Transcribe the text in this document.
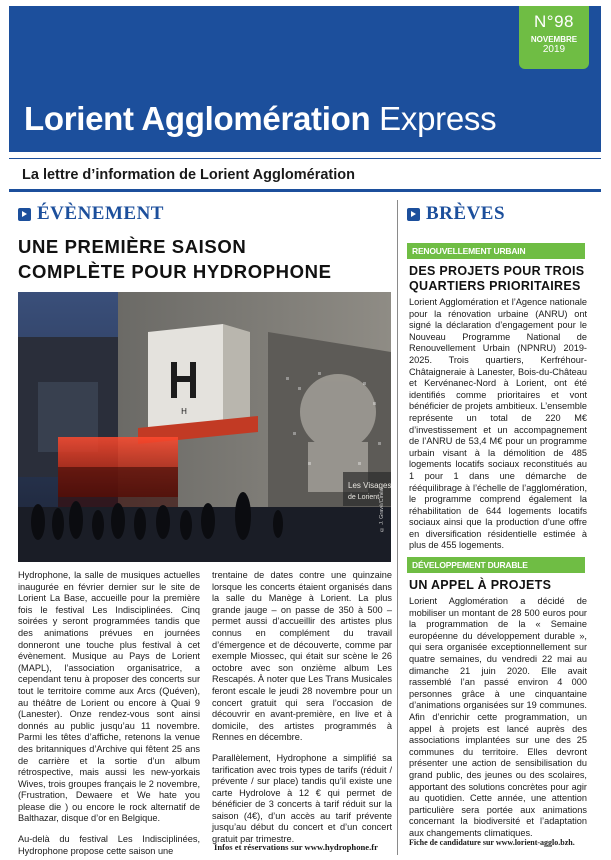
N°98
NOVEMBRE
2019
Lorient Agglomération Express
La lettre d’information de Lorient Agglomération
ÉVÈNEMENT
UNE PREMIÈRE SAISON
COMPLÈTE POUR HYDROPHONE
H
Les Visages
de Lorient © J. Gravé/Cinéa

Hydrophone, la salle de musiques actuelles inaugurée en février dernier sur le site de Lorient La Base, accueille pour la première fois le festival Les Indisciplinées. Cinq soirées y seront programmées tandis que des animations prévues en journées donneront une touche plus festival à cet évènement. Musique au Pays de Lorient (MAPL), l’association organisatrice, a cependant tenu à proposer des concerts sur tout le territoire comme aux Arcs (Quéven), au théâtre de Lorient ou encore à Quai 9 (Lanester). Onze rendez-vous sont ainsi donnés au public jusqu’au 11 novembre. Parmi les têtes d’affiche, retenons la venue des britanniques d’Archive qui fêtent 25 ans de carrière et la sortie d’un album rétrospective, mais aussi les new-yorkais Wives, trois groupes français le 2 novembre, (Frustration, Dewaere et We hate you please die ) ou encore le rock alternatif de Balthazar, disque d’or en Belgique.

Au-delà du festival Les Indisciplinées, Hydrophone propose cette saison une

trentaine de dates contre une quinzaine lorsque les concerts étaient organisés dans la salle du Manège à Lorient. La plus grande jauge – on passe de 350 à 500 – permet aussi d’accueillir des artistes plus connus en complément du travail d’émergence et de découverte, comme par exemple Miossec, qui était sur scène le 26 octobre avec son onzième album Les Rescapés. À noter que Les Trans Musicales feront escale le jeudi 28 novembre pour un concert gratuit qui sera l’occasion de découvrir en avant-première, en live et à domicile, des artistes programmés à Rennes en décembre.

Parallèlement, Hydrophone a simplifié sa tarification avec trois types de tarifs (réduit / prévente / sur place) tandis qu’il existe une carte Hydrolove à 12 € qui permet de bénéficier de 3 concerts à tarif réduit sur la saison (4€), d’un accès au tarif prévente jusqu’au début du concert et d’un concert gratuit par trimestre.

Infos et réservations sur www.hydrophone.fr
BRÈVES
RENOUVELLEMENT URBAIN
DES PROJETS POUR TROIS
QUARTIERS PRIORITAIRES
Lorient Agglomération et l’Agence nationale pour la rénovation urbaine (ANRU) ont signé la déclaration d’engagement pour le Nouveau Programme National de Renouvellement Urbain (NPNRU) 2019-2025. Trois quartiers, Kerfréhour-Châtaigneraie à Lanester, Bois-du-Château et Kervénanec-Nord à Lorient, ont été identifiés comme prioritaires et vont bénéficier de projets ambitieux. L’ensemble représente un total de 220 M€ d’investissement et un accompagnement de l’ANRU de 53,4 M€ pour un programme urbain visant à la démolition de 485 logements locatifs sociaux reconstitués au 1 pour 1 dans une démarche de rééquilibrage à l’échelle de l’agglomération, le programme comprend également la réhabilitation de 644 logements locatifs sociaux ainsi que la production d’une offre en diversification résidentielle estimée à plus de 455 logements.
DÉVELOPPEMENT DURABLE
UN APPEL À PROJETS
Lorient Agglomération a décidé de mobiliser un montant de 28 500 euros pour la programmation de la « Semaine européenne du développement durable », qui sera organisée exceptionnellement sur quatre semaines, du vendredi 22 mai au dimanche 21 juin 2020. Elle avait rassemblé l’an passé environ 4 000 personnes grâce à une cinquantaine d’animations organisées sur 19 communes. Afin d’enrichir cette programmation, un appel à projets est lancé auprès des associations implantées sur une des 25 communes du territoire. Elles devront présenter une action de sensibilisation du grand public, des jeunes ou des scolaires, apportant des solutions concrètes pour agir au quotidien. Cette année, une attention particulière sera portée aux animations concernant la biodiversité et l’adaptation aux changements climatiques.
Fiche de candidature sur www.lorient-agglo.bzh.
